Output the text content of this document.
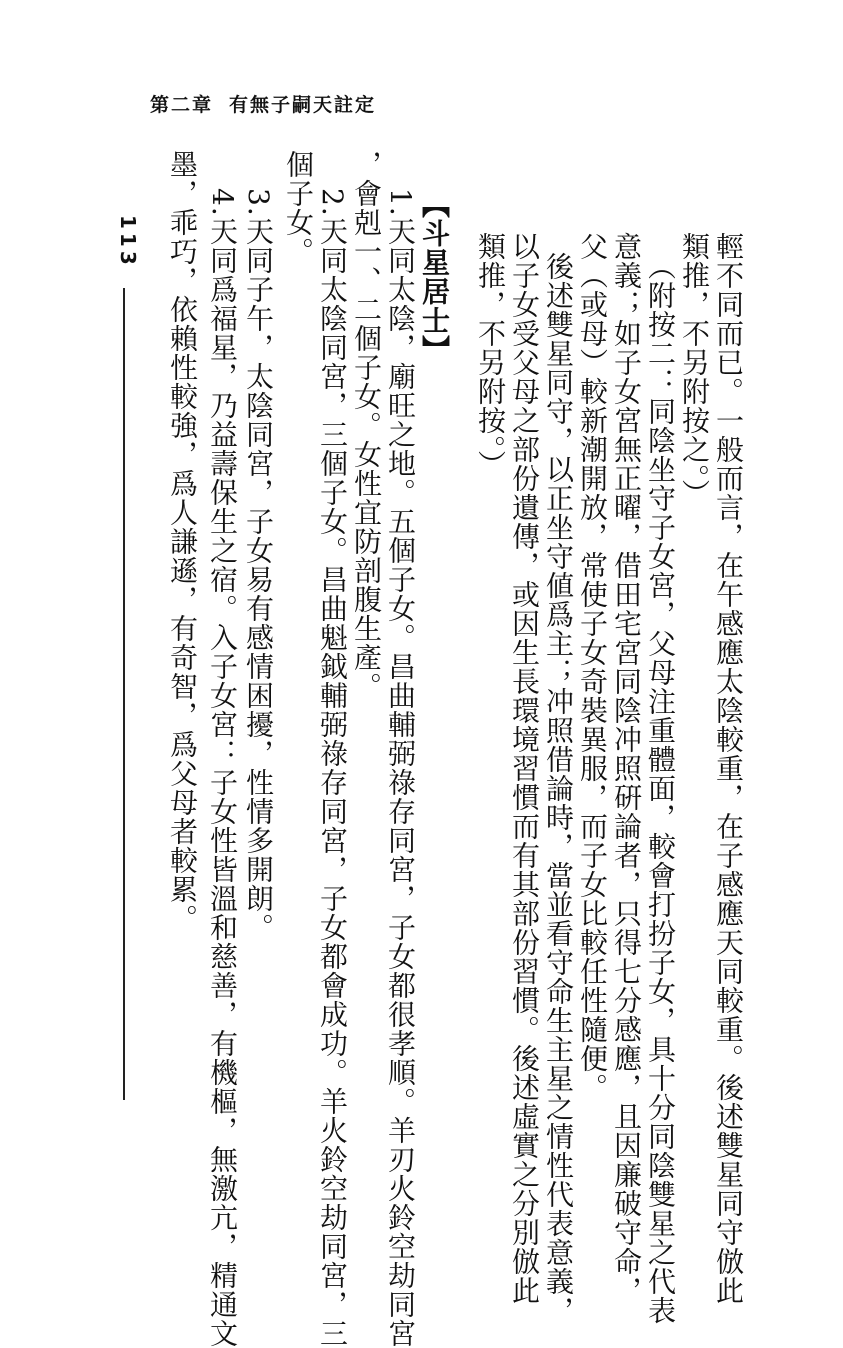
第二章 有無子嗣天註定
輕不同而已。一般而言，在午感應太陰較重，在子感應天同較重。後述雙星同守倣此
類推，不另附按之。）
（附按二：同陰坐守子女宮，父母注重體面，較會打扮子女，具十分同陰雙星之代表
意義；如子女宮無正曜，借田宅宮同陰冲照硏論者，只得七分感應，且因廉破守命，
父（或母）較新潮開放，常使子女奇裝異服，而子女比較任性隨便。
後述雙星同守，以正坐守値爲主；冲照借論時，當並看守命生主星之情性代表意義，
以子女受父母之部份遺傳，或因生長環境習慣而有其部份習慣。後述虛實之分別倣此
類推，不另附按。）
【斗星居士】
1.天同太陰，廟旺之地。五個子女。昌曲輔弼祿存同宮，子女都很孝順。羊刃火鈴空劫同宮
，會剋一、二個子女。女性宜防剖腹生產。
2.天同太陰同宮，三個子女。昌曲魁鉞輔弼祿存同宮，子女都會成功。羊火鈴空劫同宮，三
個子女。
3.天同子午，太陰同宮，子女易有感情困擾，性情多開朗。
4.天同爲福星，乃益壽保生之宿。入子女宮：子女性皆溫和慈善，有機樞，無激亢，精通文
墨，乖巧，依賴性較強，爲人謙遜，有奇智，爲父母者較累。
113
